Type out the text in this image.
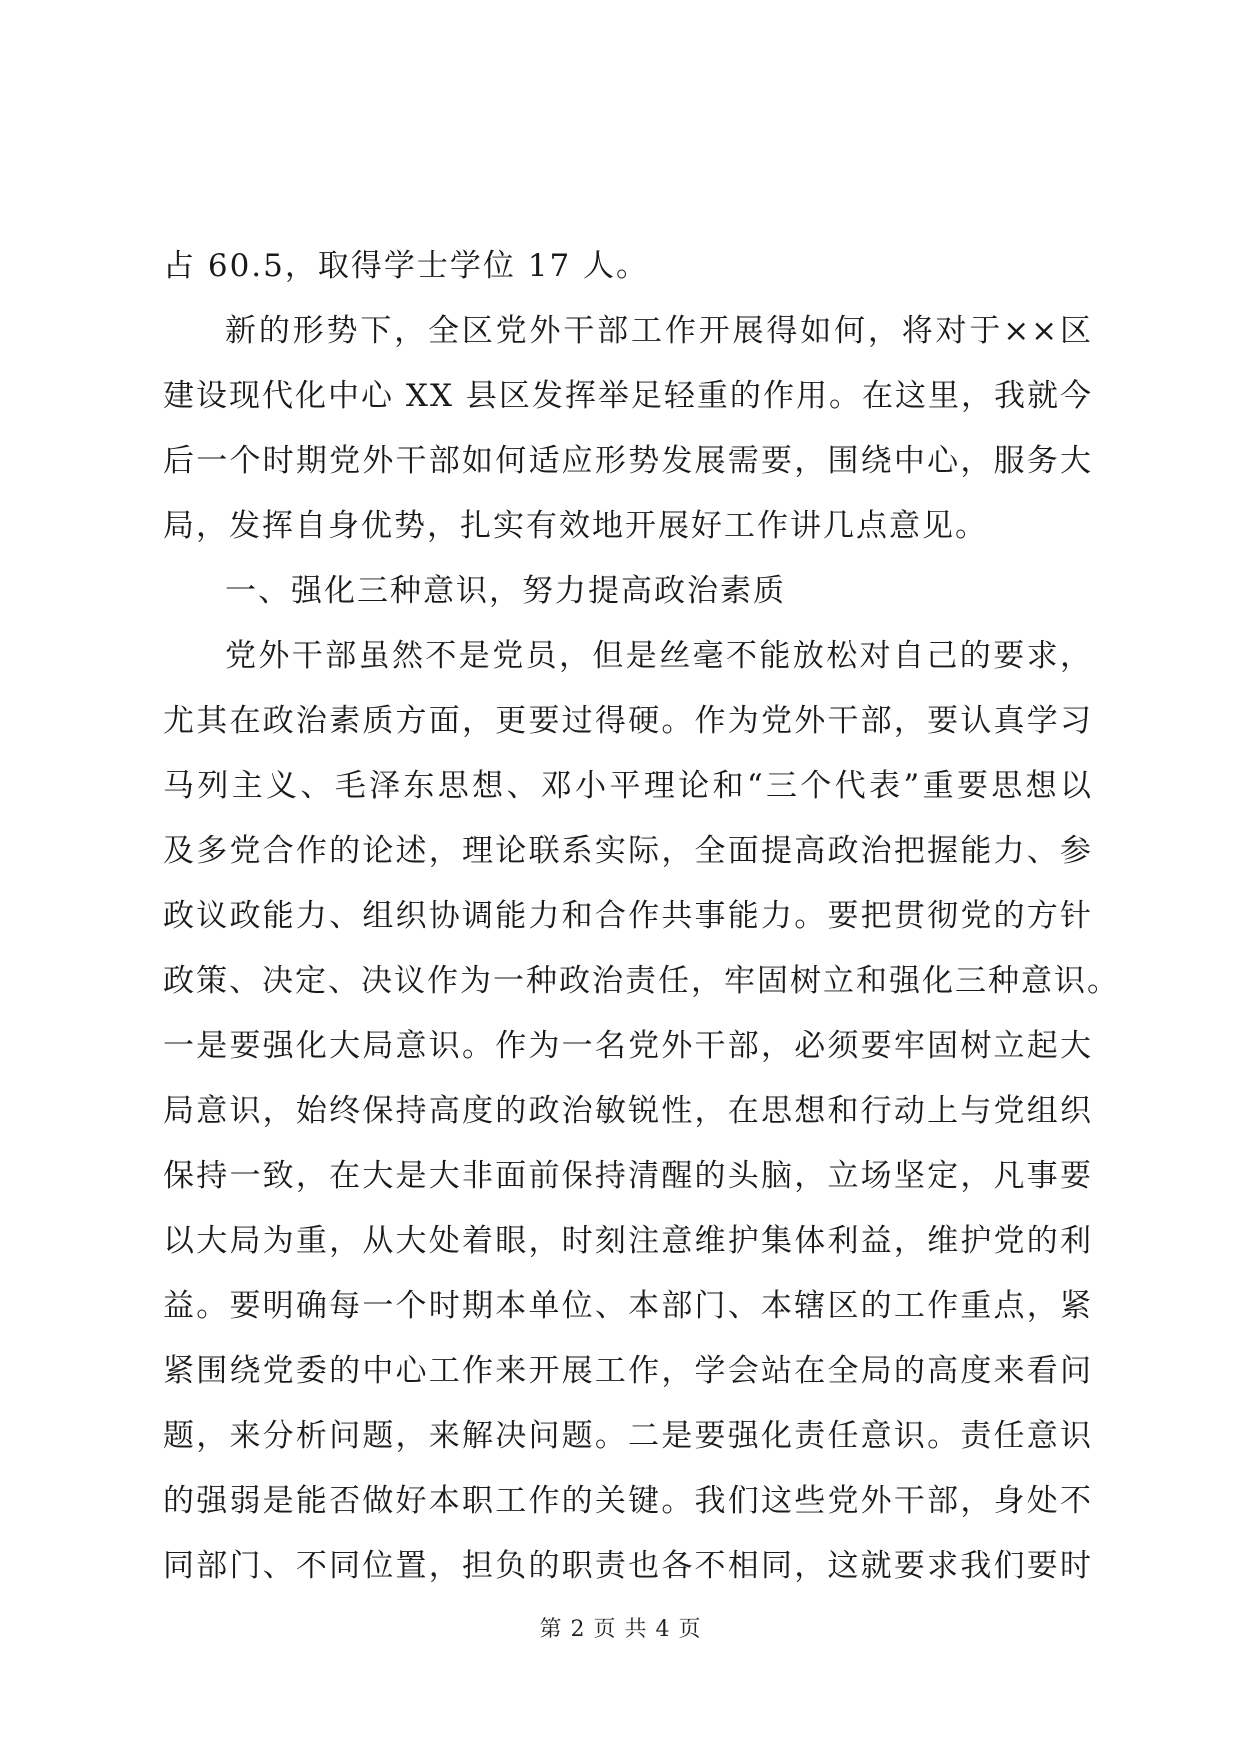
占 60.5，取得学士学位 17 人。
新的形势下，全区党外干部工作开展得如何，将对于××区
建设现代化中心 XX 县区发挥举足轻重的作用。在这里，我就今
后一个时期党外干部如何适应形势发展需要，围绕中心，服务大
局，发挥自身优势，扎实有效地开展好工作讲几点意见。
一、强化三种意识，努力提高政治素质
党外干部虽然不是党员，但是丝毫不能放松对自己的要求，
尤其在政治素质方面，更要过得硬。作为党外干部，要认真学习
马列主义、毛泽东思想、邓小平理论和“三个代表”重要思想以
及多党合作的论述，理论联系实际，全面提高政治把握能力、参
政议政能力、组织协调能力和合作共事能力。要把贯彻党的方针
政策、决定、决议作为一种政治责任，牢固树立和强化三种意识。
一是要强化大局意识。作为一名党外干部，必须要牢固树立起大
局意识，始终保持高度的政治敏锐性，在思想和行动上与党组织
保持一致，在大是大非面前保持清醒的头脑，立场坚定，凡事要
以大局为重，从大处着眼，时刻注意维护集体利益，维护党的利
益。要明确每一个时期本单位、本部门、本辖区的工作重点，紧
紧围绕党委的中心工作来开展工作，学会站在全局的高度来看问
题，来分析问题，来解决问题。二是要强化责任意识。责任意识
的强弱是能否做好本职工作的关键。我们这些党外干部，身处不
同部门、不同位置，担负的职责也各不相同，这就要求我们要时
第 2 页 共 4 页
